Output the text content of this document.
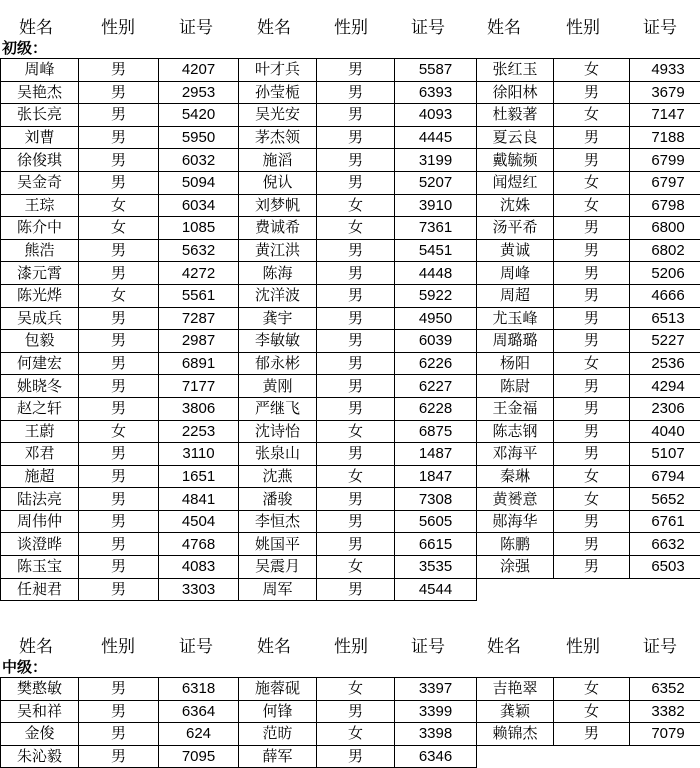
姓名	性别	证号	姓名	性别	证号	姓名	性别	证号
初级：
周峰	男	4207	叶才兵	男	5587	张红玉	女	4933
吴艳杰	男	2953	孙莹栀	男	6393	徐阳林	男	3679
张长亮	男	5420	吴光安	男	4093	杜毅著	女	7147
刘曹	男	5950	茅杰领	男	4445	夏云良	男	7188
徐俊琪	男	6032	施滔	男	3199	戴毓频	男	6799
吴金奇	男	5094	倪认	男	5207	闻煜红	女	6797
王琮	女	6034	刘梦帆	女	3910	沈姝	女	6798
陈介中	女	1085	费诚希	女	7361	汤平希	男	6800
熊浩	男	5632	黄江洪	男	5451	黄诚	男	6802
漆元霄	男	4272	陈海	男	4448	周峰	男	5206
陈光烨	女	5561	沈洋波	男	5922	周超	男	4666
吴成兵	男	7287	龚宇	男	4950	尤玉峰	男	6513
包毅	男	2987	李敏敏	男	6039	周璐璐	男	5227
何建宏	男	6891	郁永彬	男	6226	杨阳	女	2536
姚晓冬	男	7177	黄刚	男	6227	陈尉	男	4294
赵之轩	男	3806	严继飞	男	6228	王金福	男	2306
王蔚	女	2253	沈诗怡	女	6875	陈志钢	男	4040
邓君	男	3110	张泉山	男	1487	邓海平	男	5107
施超	男	1651	沈燕	女	1847	秦琳	女	6794
陆法亮	男	4841	潘骏	男	7308	黄赟意	女	5652
周伟仲	男	4504	李恒杰	男	5605	郧海华	男	6761
谈澄晔	男	4768	姚国平	男	6615	陈鹏	男	6632
陈玉宝	男	4083	吴震月	女	3535	涂强	男	6503
任昶君	男	3303	周军	男	4544			
姓名	性别	证号	姓名	性别	证号	姓名	性别	证号
中级：
樊憨敏	男	6318	施蓉砚	女	3397	吉艳翠	女	6352
吴和祥	男	6364	何锋	男	3399	龚颖	女	3382
金俊	男	624	范昉	女	3398	赖锦杰	男	7079
朱沁毅	男	7095	薛军	男	6346			
